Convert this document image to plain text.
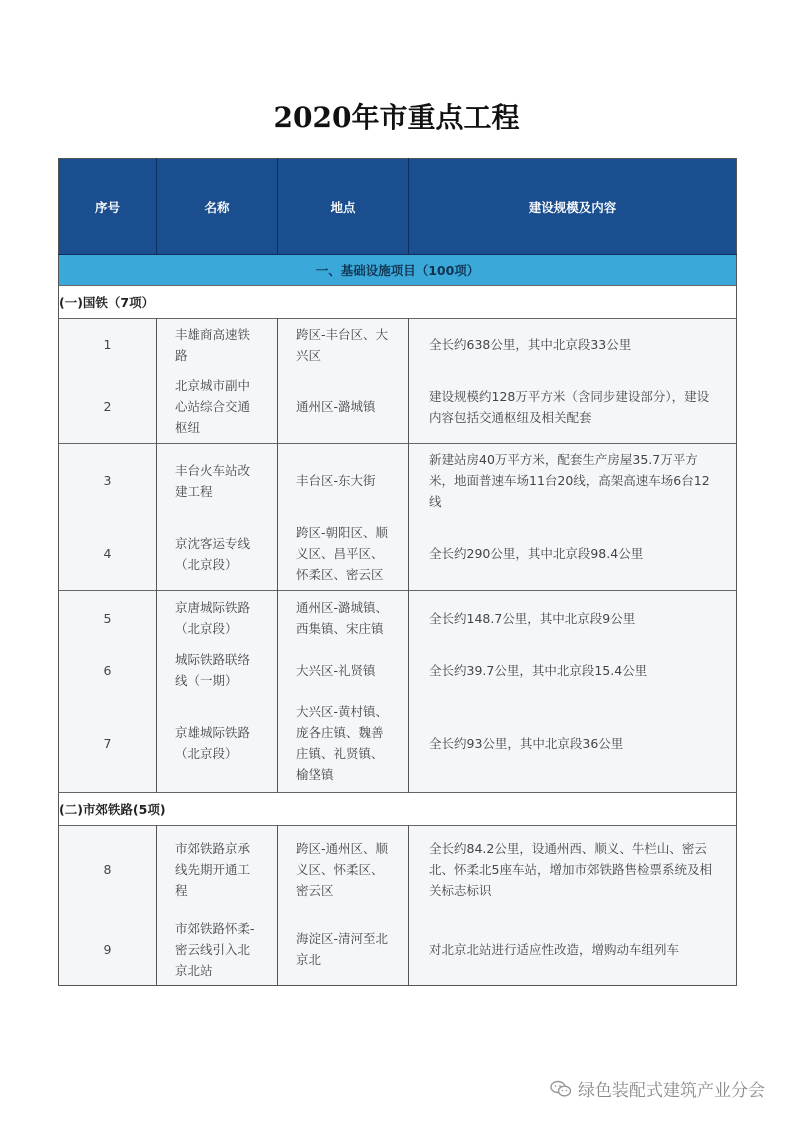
2020年市重点工程
序号	名称	地点	建设规模及内容
一、基础设施项目（100项）			
(一)国铁（7项）			
1	丰雄商高速铁路	跨区-丰台区、大兴区	全长约638公里，其中北京段33公里
2	北京城市副中心站综合交通枢纽	通州区-潞城镇	建设规模约128万平方米（含同步建设部分），建设内容包括交通枢纽及相关配套
3	丰台火车站改建工程	丰台区-东大街	新建站房40万平方米，配套生产房屋35.7万平方米，地面普速车场11台20线，高架高速车场6台12线
4	京沈客运专线（北京段）	跨区-朝阳区、顺义区、昌平区、怀柔区、密云区	全长约290公里，其中北京段98.4公里
5	京唐城际铁路（北京段）	通州区-潞城镇、西集镇、宋庄镇	全长约148.7公里，其中北京段9公里
6	城际铁路联络线（一期）	大兴区-礼贤镇	全长约39.7公里，其中北京段15.4公里
7	京雄城际铁路（北京段）	大兴区-黄村镇、庞各庄镇、魏善庄镇、礼贤镇、榆垡镇	全长约93公里，其中北京段36公里
(二)市郊铁路(5项)			
8	市郊铁路京承线先期开通工程	跨区-通州区、顺义区、怀柔区、密云区	全长约84.2公里，设通州西、顺义、牛栏山、密云北、怀柔北5座车站，增加市郊铁路售检票系统及相关标志标识
9	市郊铁路怀柔-密云线引入北京北站	海淀区-清河至北京北	对北京北站进行适应性改造，增购动车组列车
绿色装配式建筑产业分会
